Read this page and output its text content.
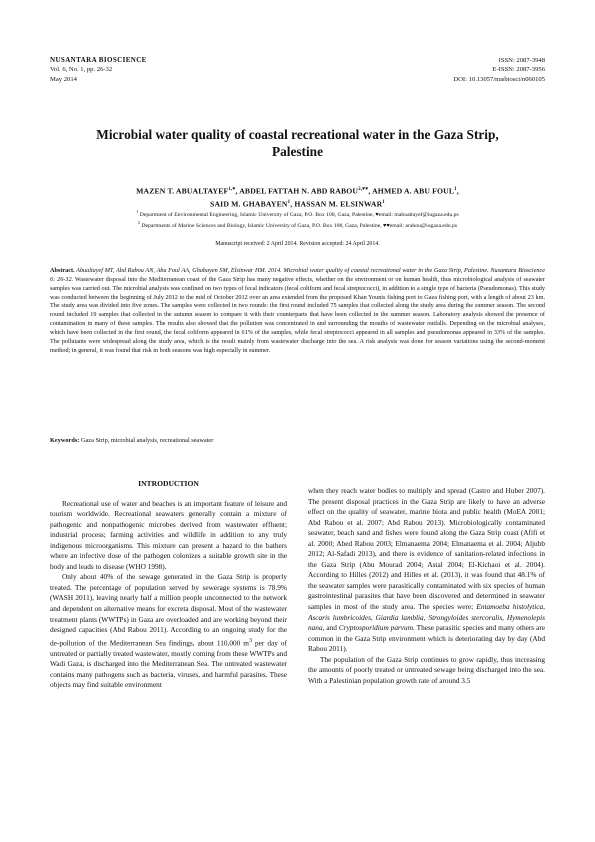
NUSANTARA BIOSCIENCE
Vol. 6, No. 1, pp. 26-32
May 2014
ISSN: 2087-3948
E-ISSN: 2087-3956
DOI: 10.13057/nusbiosci/n060105
Microbial water quality of coastal recreational water in the Gaza Strip,
Palestine
MAZEN T. $ABUALTAYEF^{1,♥}$, ABDEL FATTAH N. ABD $RABOU^{2,♥♥}$, AHMED A. ABU FOUL$^1$,
SAID M. GHABAYEN$^1$, HASSAN M. ELSINWAR$^1$
$^1$ Department of Environmental Engineering, Islamic University of Gaza, P.O. Box 108, Gaza, Palestine, ♥email: mabualtayef@iugaza.edu.ps
$^2$ Departments of Marine Sciences and Biology, Islamic University of Gaza, P.O. Box 108, Gaza, Palestine, ♥♥email: arabou@iugaza.edu.ps
Manuscript received: 2 April 2014. Revision accepted: 24 April 2014.
Abstract. Abualtayef MT, Abd Rabou AN, Abu Foul AA, Ghabayen SM, Elsinwar HM. 2014. Microbial water quality of coastal recreational water in the Gaza Strip, Palestine. Nusantara Bioscience 6: 26-32. Wastewater disposal into the Mediterranean coast of the Gaza Strip has many negative effects, whether on the environment or on human health, thus microbiological analysis of seawater samples was carried out. The microbial analysis was confined on two types of fecal indicators (fecal coliform and fecal streptococci), in addition to a single type of bacteria (Pseudomonas). This study was conducted between the beginning of July 2012 to the mid of October 2012 over an area extended from the proposed Khan Younis fishing port to Gaza fishing port, with a length of about 23 km. The study area was divided into five zones. The samples were collected in two rounds: the first round included 75 samples that collected along the study area during the summer season. The second round included 19 samples that collected in the autumn season to compare it with their counterparts that have been collected in the summer season. Laboratory analysis showed the presence of contamination in many of these samples. The results also showed that the pollution was concentrated in and surrounding the mouths of wastewater outfalls. Depending on the microbial analyses, which have been collected in the first round, the fecal coliform appeared in 61% of the samples, while fecal streptococci appeared in all samples and pseudomonas appeared in 33% of the samples. The pollutants were widespread along the study area, which is the result mainly from wastewater discharge into the sea. A risk analysis was done for season variations using the second-moment method; in general, it was found that risk in both seasons was high especially in summer.
Keywords: Gaza Strip, microbial analysis, recreational seawater
INTRODUCTION

Recreational use of water and beaches is an important feature of leisure and tourism worldwide. Recreational seawaters generally contain a mixture of pathogenic and nonpathogenic microbes derived from wastewater effluent; industrial process; farming activities and wildlife in addition to any truly indigenous microorganisms. This mixture can present a hazard to the bathers where an infective dose of the pathogen colonizes a suitable growth site in the body and leads to disease (WHO 1998).

Only about 40% of the sewage generated in the Gaza Strip is properly treated. The percentage of population served by sewerage systems is 78.9% (WASH 2011), leaving nearly half a million people unconnected to the network and dependent on alternative means for excreta disposal. Most of the wastewater treatment plants (WWTPs) in Gaza are overloaded and are working beyond their designed capacities (Abd Rabou 2011). According to an ongoing study for the de-pollution of the Mediterranean Sea findings, about 110,000 $m^3$ per day of untreated or partially treated wastewater, mostly coming from these WWTPs and Wadi Gaza, is discharged into the Mediterranean Sea. The untreated wastewater contains many pathogens such as bacteria, viruses, and harmful parasites. These objects may find suitable environment

when they reach water bodies to multiply and spread (Castro and Huber 2007). The present disposal practices in the Gaza Strip are likely to have an adverse effect on the quality of seawater, marine biota and public health (MoEA 2001; Abd Rabou et al. 2007; Abd Rabou 2013). Microbiologically contaminated seawater, beach sand and fishes were found along the Gaza Strip coast (Afifi et al. 2000; Abed Rabou 2003; Elmanaema 2004; Elmanaema et al. 2004; Aljubb 2012; Al-Safadi 2013), and there is evidence of sanitation-related infections in the Gaza Strip (Abu Mourad 2004; Astal 2004; El-Kichaoi et al. 2004). According to Hilles (2012) and Hilles et al. (2013), it was found that 48.1% of the seawater samples were parasitically contaminated with six species of human gastrointestinal parasites that have been discovered and determined in seawater samples in most of the study area. The species were; Entamoeba histolytica, Ascaris lumbricoides, Giardia lamblia, Strongyloides stercoralis, Hymenolepis nana, and Cryptosporidium parvum. These parasitic species and many others are common in the Gaza Strip environment which is deteriorating day by day (Abd Rabou 2011).

The population of the Gaza Strip continues to grow rapidly, thus increasing the amounts of poorly treated or untreated sewage being discharged into the sea. With a Palestinian population growth rate of around 3.5
